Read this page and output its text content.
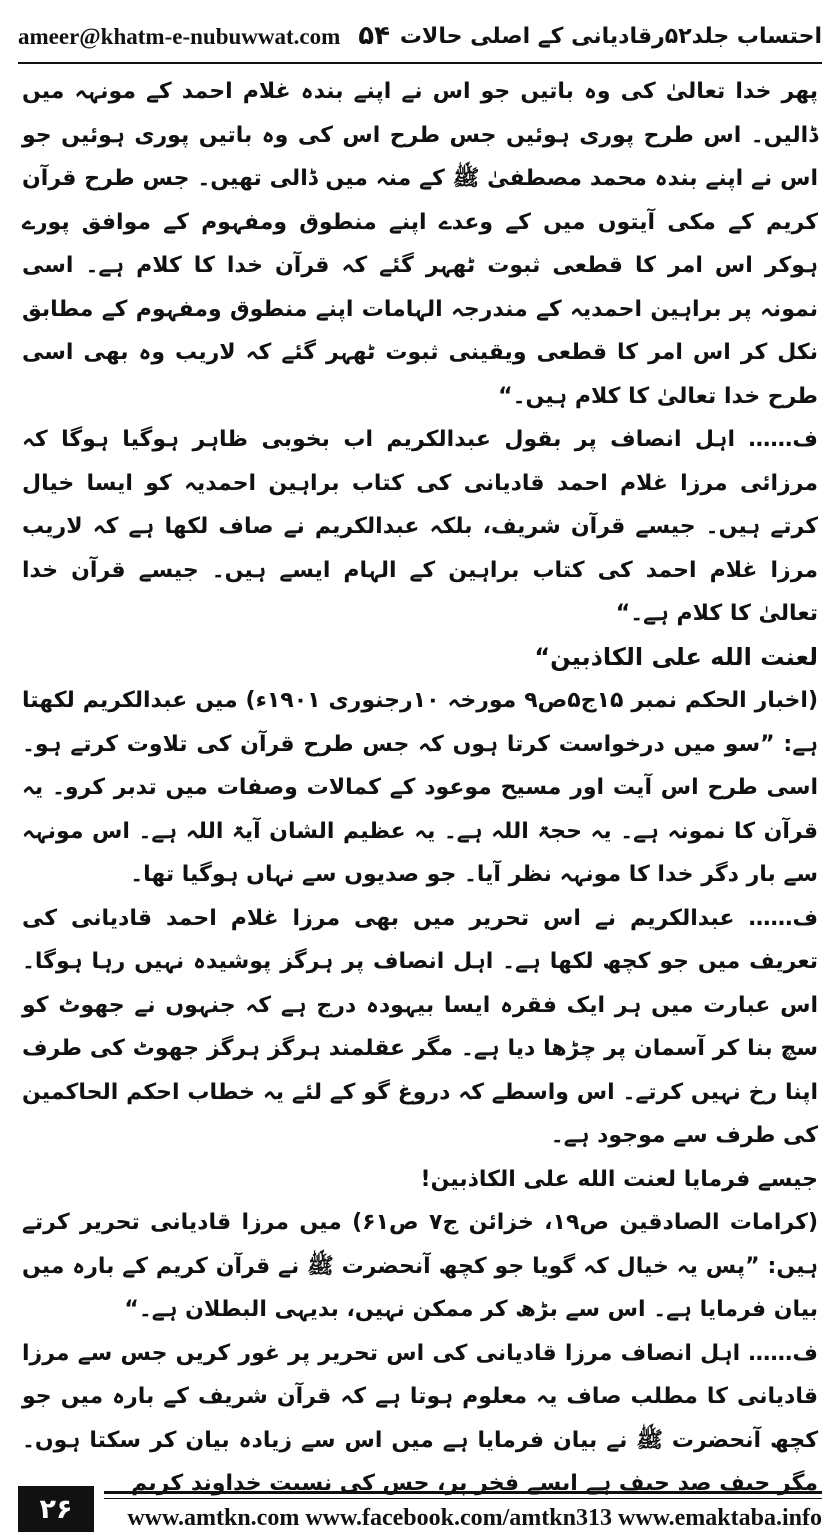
ameer@khatm-e-nubuwwat.com ۵۴ احتساب جلد۵۲رقادیانی کے اصلی حالات

پھر خدا تعالیٰ کی وہ باتیں جو اس نے اپنے بندہ غلام احمد کے مونہہ میں ڈالیں۔ اس طرح پوری ہوئیں جس طرح اس کی وہ باتیں پوری ہوئیں جو اس نے اپنے بندہ محمد مصطفیٰ ﷺ کے منہ میں ڈالی تھیں۔ جس طرح قرآن کریم کے مکی آیتوں میں کے وعدے اپنے منطوق ومفہوم کے موافق پورے ہوکر اس امر کا قطعی ثبوت ٹھہر گئے کہ قرآن خدا کا کلام ہے۔ اسی نمونہ پر براہین احمدیہ کے مندرجہ الہامات اپنے منطوق ومفہوم کے مطابق نکل کر اس امر کا قطعی ویقینی ثبوت ٹھہر گئے کہ لاریب وہ بھی اسی طرح خدا تعالیٰ کا کلام ہیں۔“

ف…… اہل انصاف پر بقول عبدالکریم اب بخوبی ظاہر ہوگیا ہوگا کہ مرزائی مرزا غلام احمد قادیانی کی کتاب براہین احمدیہ کو ایسا خیال کرتے ہیں۔ جیسے قرآن شریف، بلکہ عبدالکریم نے صاف لکھا ہے کہ لاریب مرزا غلام احمد کی کتاب براہین کے الہام ایسے ہیں۔ جیسے قرآن خدا تعالیٰ کا کلام ہے۔“

لعنت الله على الكاذبين“

(اخبار الحکم نمبر ۱۵ج۵ص۹ مورخہ ۱۰رجنوری ۱۹۰۱ء) میں عبدالکریم لکھتا ہے: ”سو میں درخواست کرتا ہوں کہ جس طرح قرآن کی تلاوت کرتے ہو۔ اسی طرح اس آیت اور مسیح موعود کے کمالات وصفات میں تدبر کرو۔ یہ قرآن کا نمونہ ہے۔ یہ حجۃ اللہ ہے۔ یہ عظیم الشان آیۃ اللہ ہے۔ اس مونہہ سے بار دگر خدا کا مونہہ نظر آیا۔ جو صدیوں سے نہاں ہوگیا تھا۔

ف…… عبدالکریم نے اس تحریر میں بھی مرزا غلام احمد قادیانی کی تعریف میں جو کچھ لکھا ہے۔ اہل انصاف پر ہرگز پوشیدہ نہیں رہا ہوگا۔ اس عبارت میں ہر ایک فقرہ ایسا بیہودہ درج ہے کہ جنہوں نے جھوٹ کو سچ بنا کر آسمان پر چڑھا دیا ہے۔ مگر عقلمند ہرگز ہرگز جھوٹ کی طرف اپنا رخ نہیں کرتے۔ اس واسطے کہ دروغ گو کے لئے یہ خطاب احکم الحاکمین کی طرف سے موجود ہے۔

جیسے فرمایا لعنت الله على الكاذبين!

(کرامات الصادقین ص۱۹، خزائن ج۷ ص۶۱) میں مرزا قادیانی تحریر کرتے ہیں: ”پس یہ خیال کہ گویا جو کچھ آنحضرت ﷺ نے قرآن کریم کے بارہ میں بیان فرمایا ہے۔ اس سے بڑھ کر ممکن نہیں، بدیہی البطلان ہے۔“

ف…… اہل انصاف مرزا قادیانی کی اس تحریر پر غور کریں جس سے مرزا قادیانی کا مطلب صاف یہ معلوم ہوتا ہے کہ قرآن شریف کے بارہ میں جو کچھ آنحضرت ﷺ نے بیان فرمایا ہے میں اس سے زیادہ بیان کر سکتا ہوں۔ مگر حیف صد حیف ہے ایسے فخر پر، جس کی نسبت خداوند کریم

۲۶	www.amtkn.com www.facebook.com/amtkn313 www.emaktaba.info
